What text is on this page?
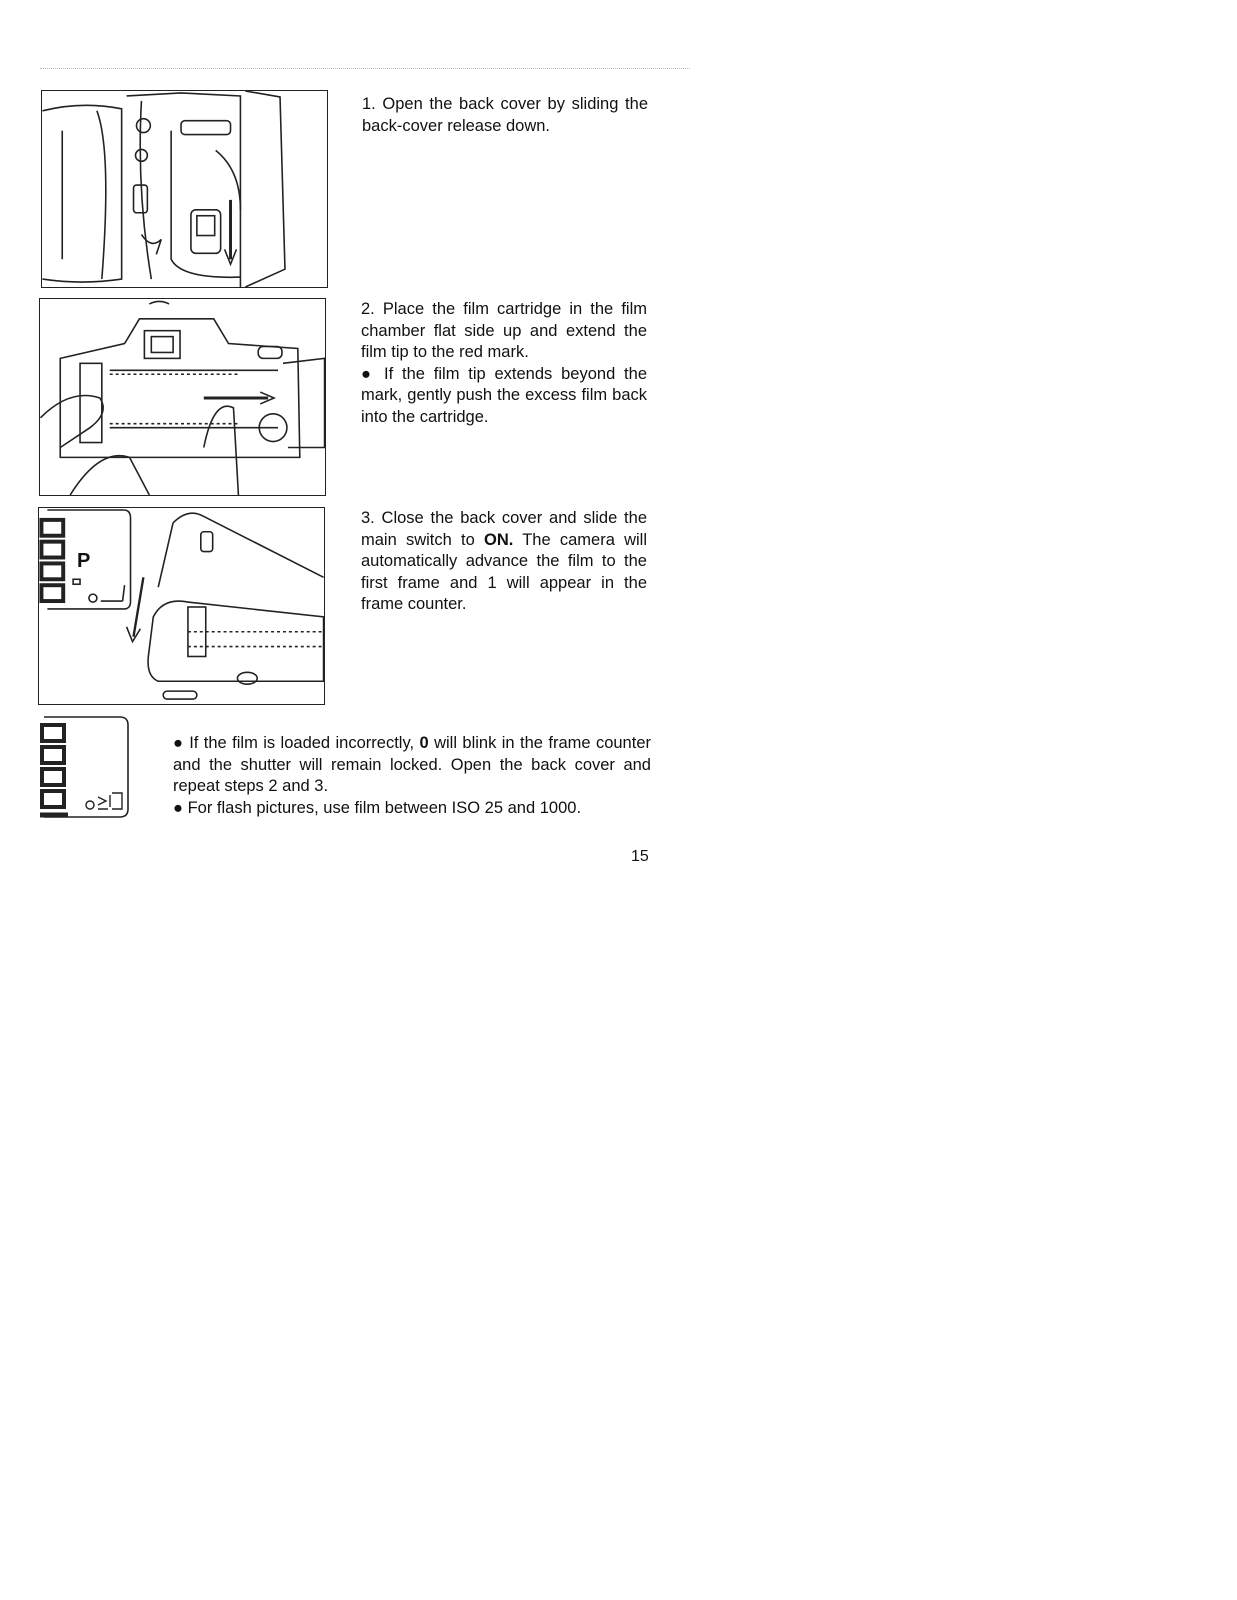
P

1. Open the back cover by sliding the back-cover release down.

2. Place the film cartridge in the film chamber flat side up and extend the film tip to the red mark.

● If the film tip extends beyond the mark, gently push the excess film back into the cartridge.

3. Close the back cover and slide the main switch to ON. The camera will automatically advance the film to the first frame and 1 will appear in the frame counter.

● If the film is loaded incorrectly, 0 will blink in the frame counter and the shutter will remain locked. Open the back cover and repeat steps 2 and 3.

● For flash pictures, use film between ISO 25 and 1000.

15
